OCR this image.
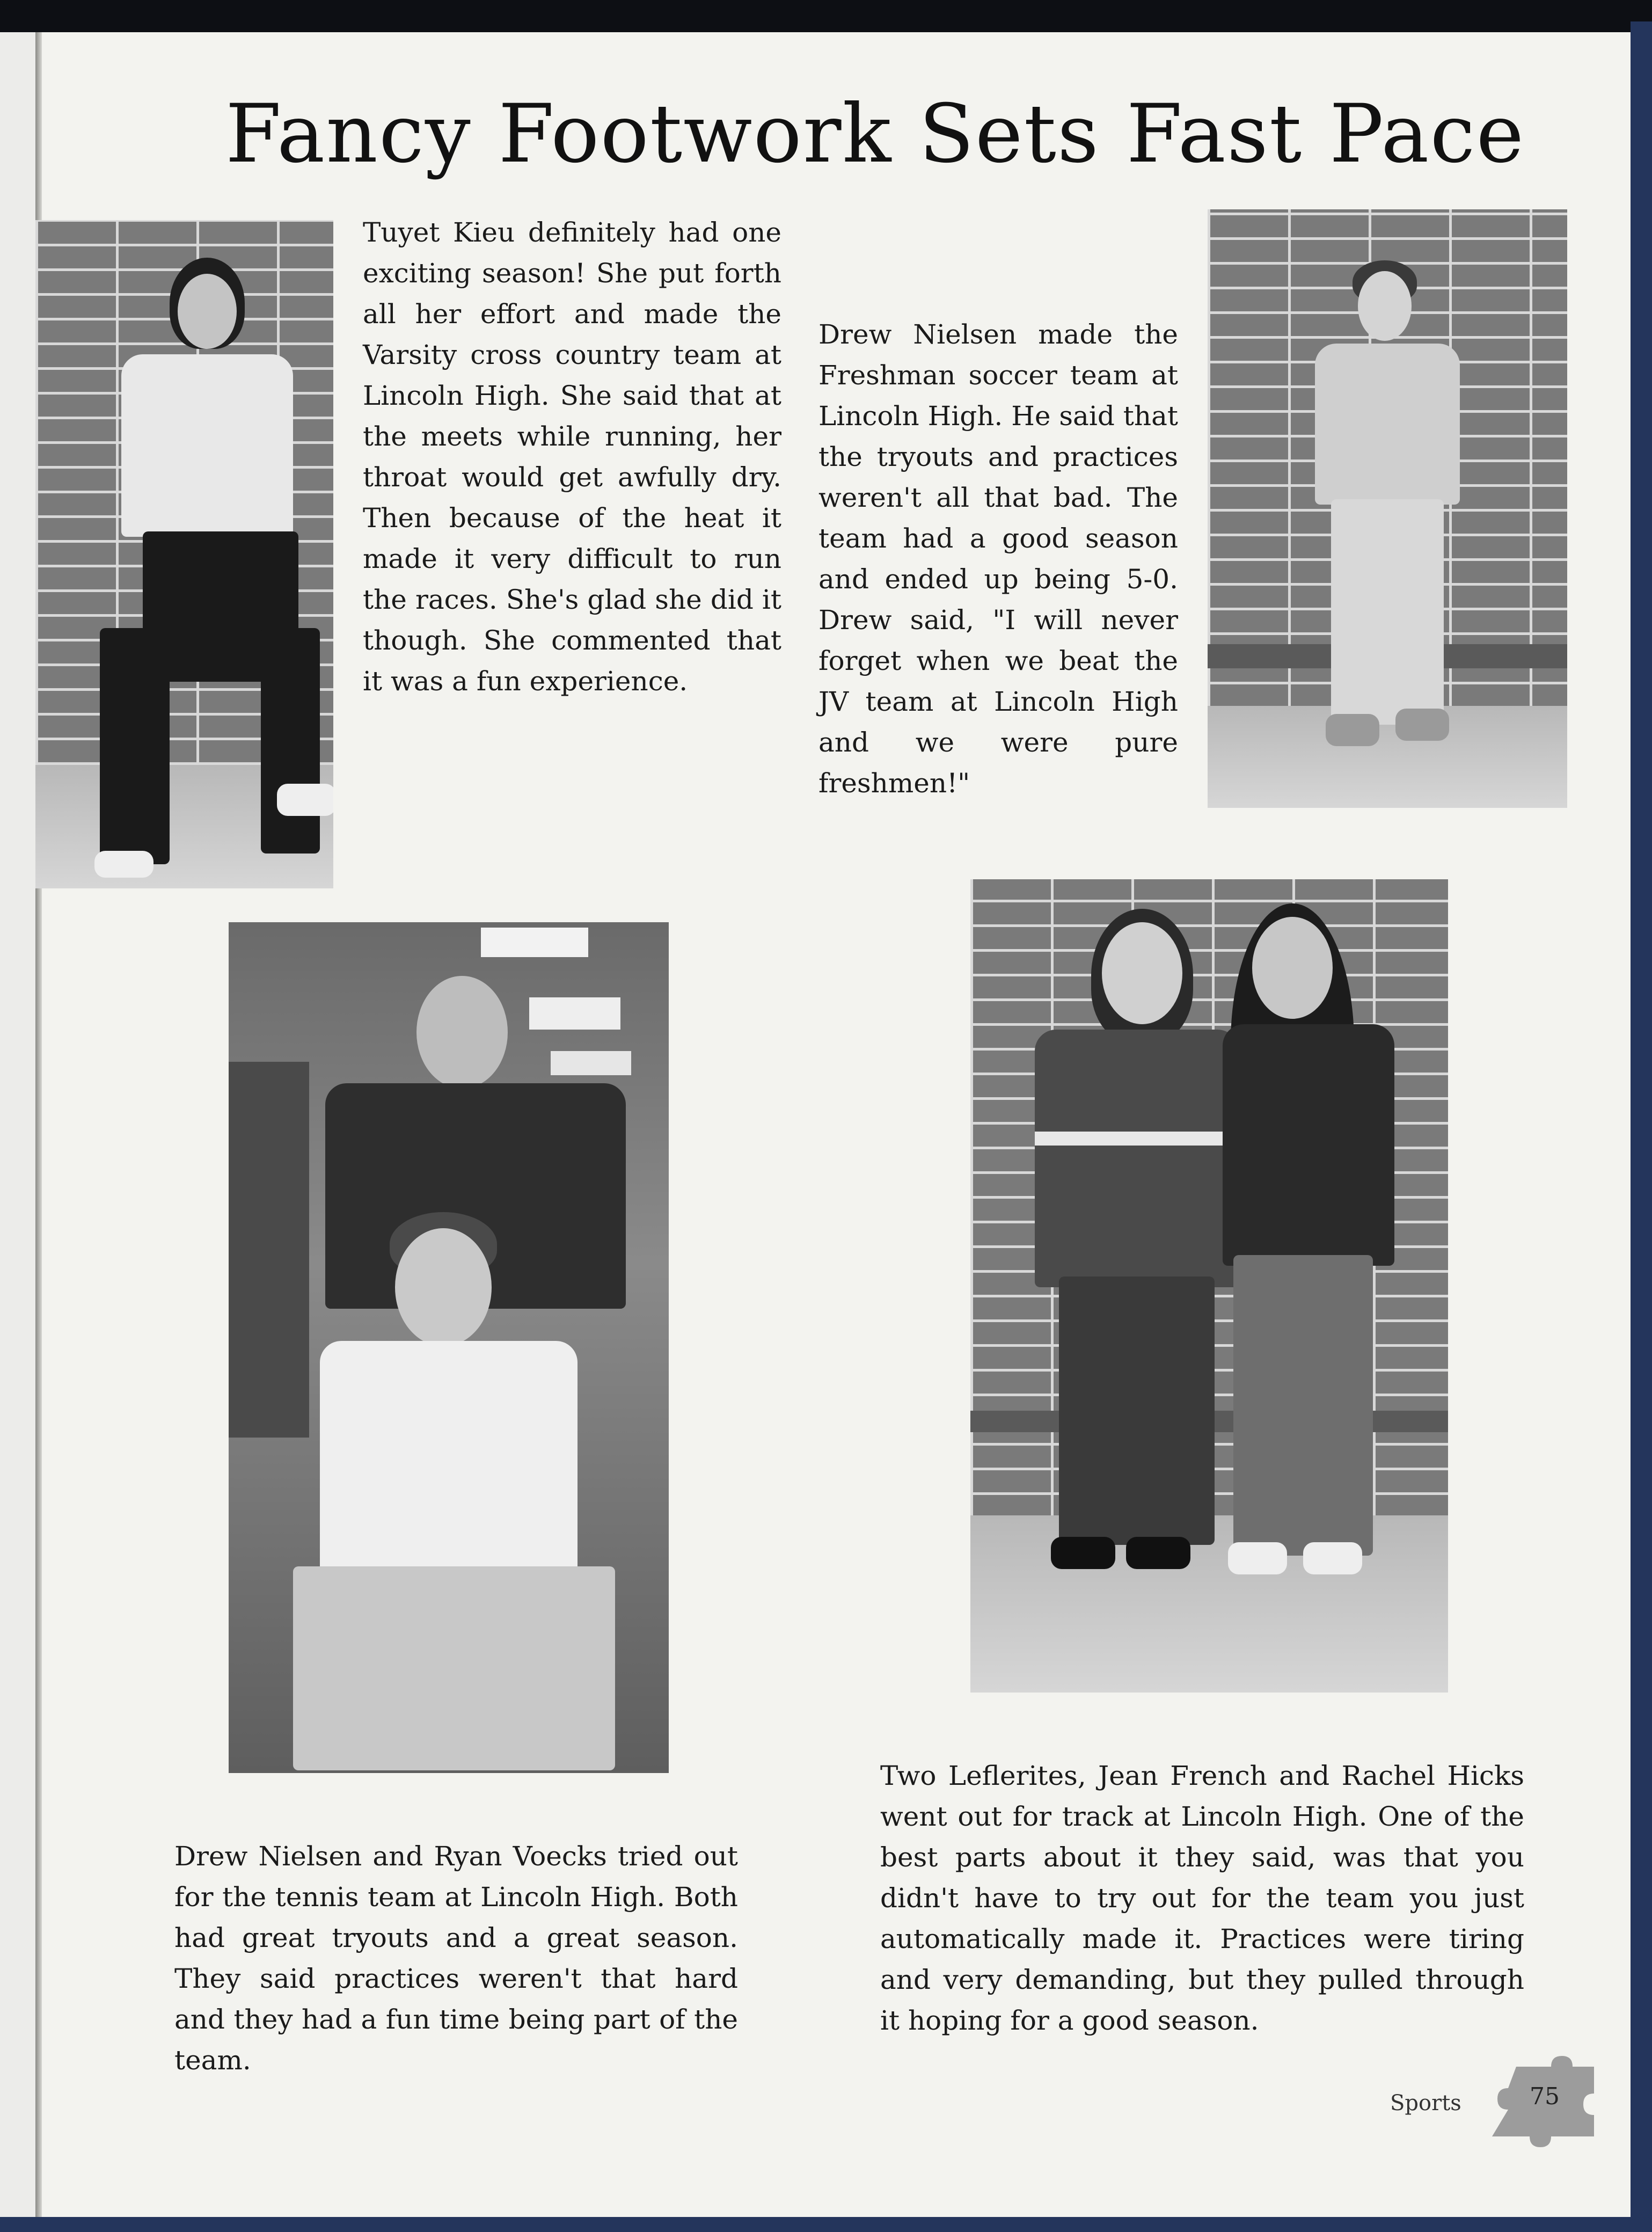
Fancy Footwork Sets Fast Pace
Tuyet Kieu definitely had one exciting season! She put forth all her effort and made the Varsity cross country team at Lincoln High. She said that at the meets while running, her throat would get awfully dry. Then because of the heat it made it very difficult to run the races. She's glad she did it though. She commented that it was a fun experience.
Drew Nielsen made the Freshman soccer team at Lincoln High. He said that the tryouts and practices weren't all that bad. The team had a good season and ended up being 5-0. Drew said, "I will never forget when we beat the JV team at Lincoln High and we were pure freshmen!"
Drew Nielsen and Ryan Voecks tried out for the tennis team at Lincoln High. Both had great tryouts and a great season. They said practices weren't that hard and they had a fun time being part of the team.
Two Leflerites, Jean French and Rachel Hicks went out for track at Lincoln High. One of the best parts about it they said, was that you didn't have to try out for the team you just automatically made it. Practices were tiring and very demanding, but they pulled through it hoping for a good season.
Sports	75
